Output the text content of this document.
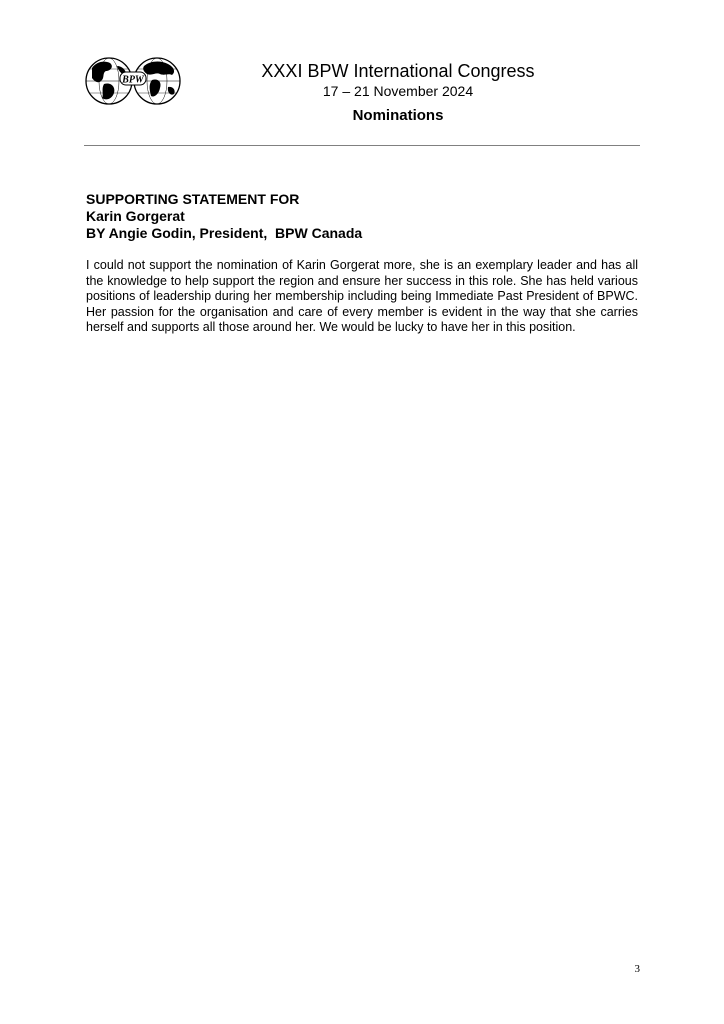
BPW	XXXI BPW International Congress
17 – 21 November 2024
Nominations
SUPPORTING STATEMENT FOR
Karin Gorgerat
BY Angie Godin, President,  BPW Canada
I could not support the nomination of Karin Gorgerat more, she is an exemplary leader and has all the knowledge to help support the region and ensure her success in this role. She has held various positions of leadership during her membership including being Immediate Past President of BPWC. Her passion for the organisation and care of every member is evident in the way that she carries herself and supports all those around her. We would be lucky to have her in this position.
3
